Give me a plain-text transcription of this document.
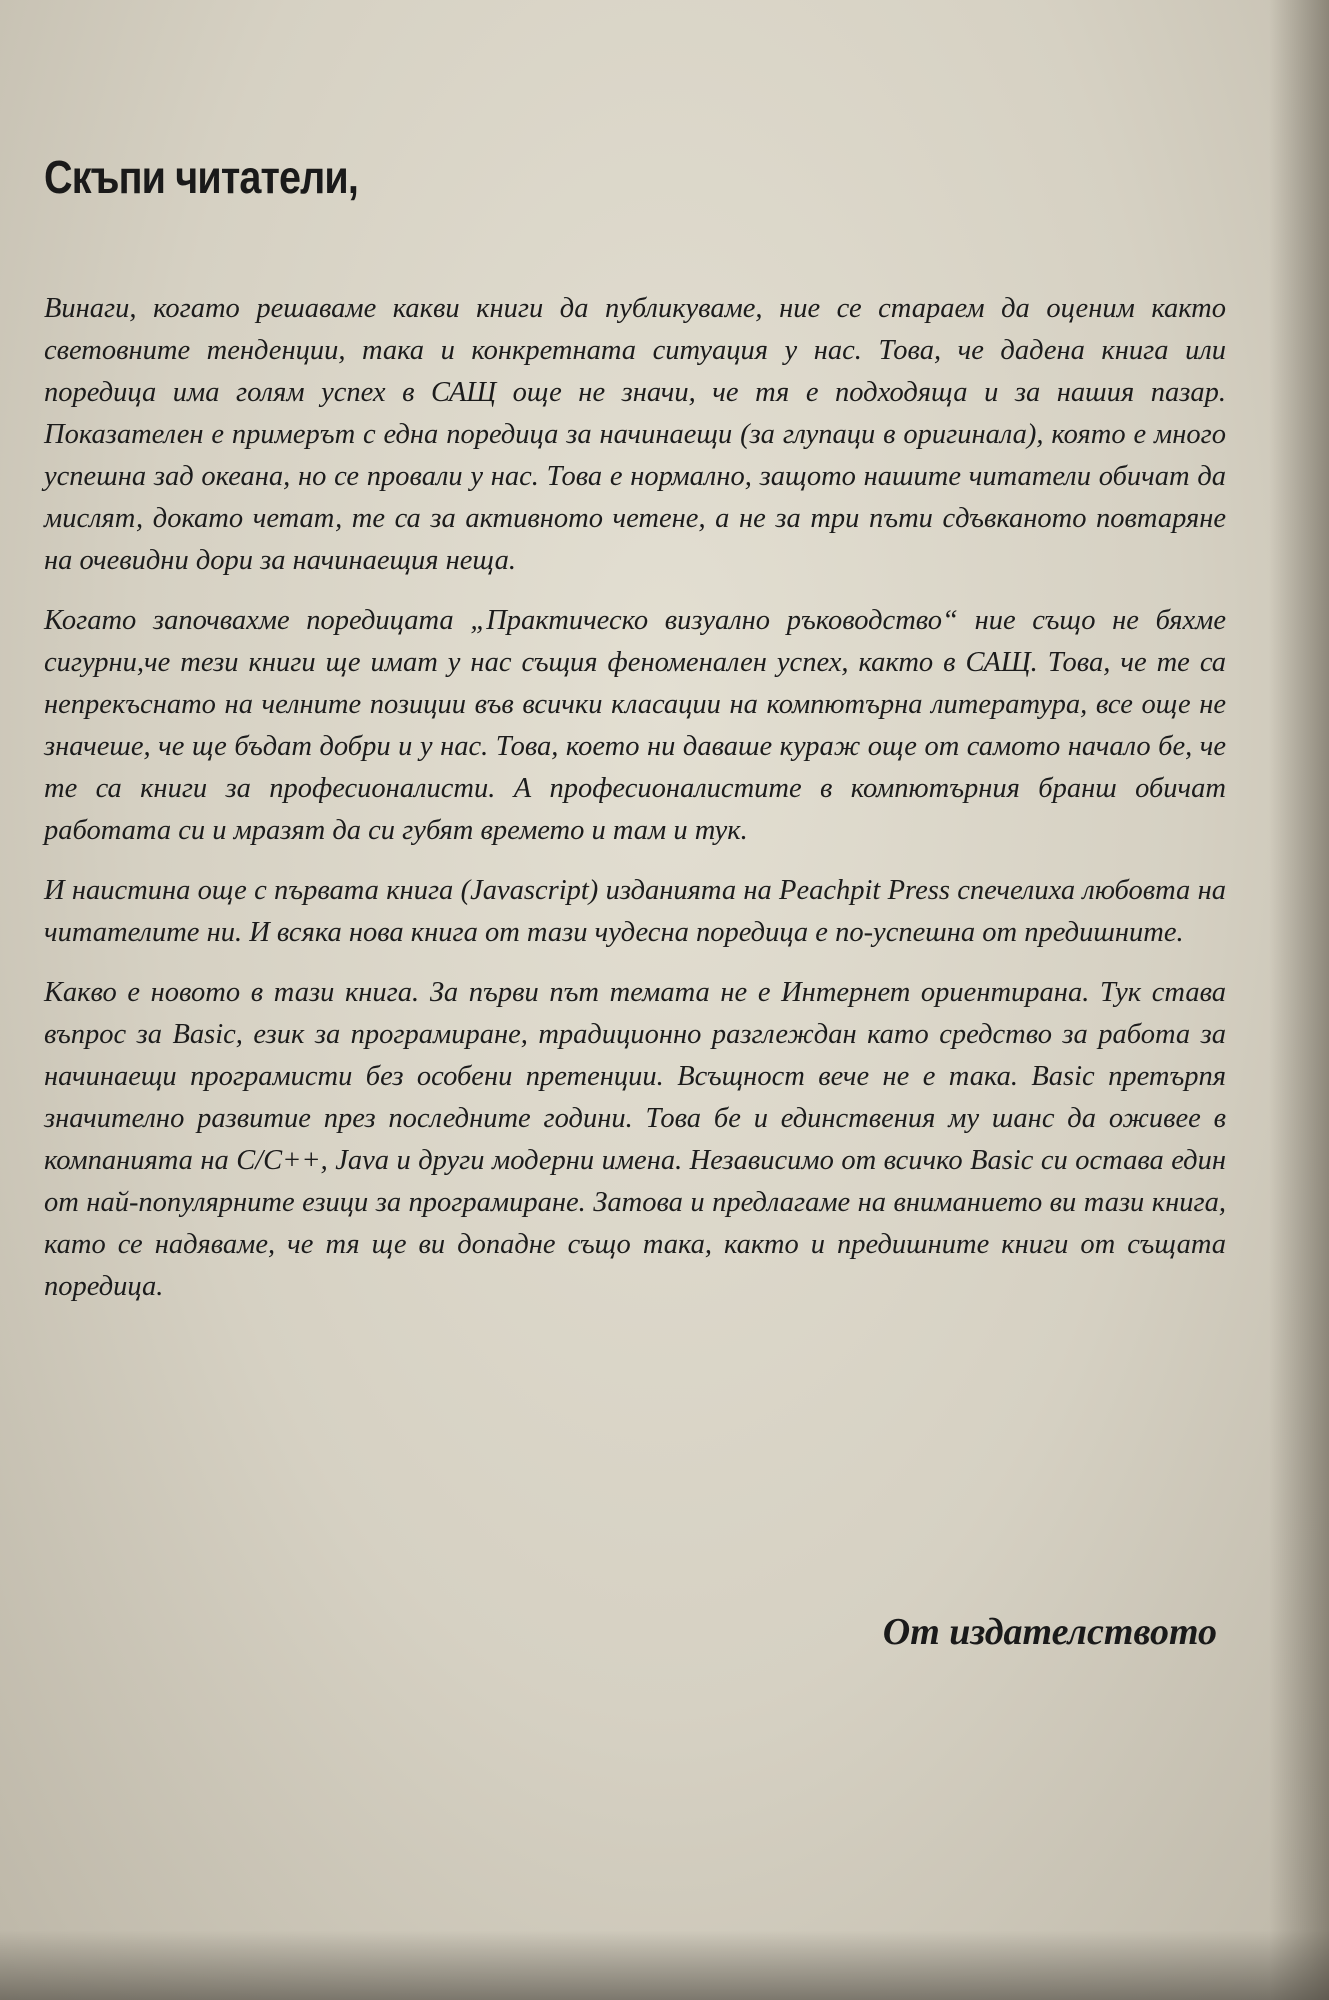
Скъпи читатели,

Винаги, когато решаваме какви книги да публикуваме, ние се стараем да оценим както световните тенденции, така и конкретната ситуация у нас. Това, че дадена книга или поредица има голям успех в САЩ още не значи, че тя е подходяща и за нашия пазар. Показателен е примерът с една поредица за начинаещи (за глупаци в оригинала), която е много успешна зад океана, но се провали у нас. Това е нормално, защото нашите читатели обичат да мислят, докато четат, те са за активното четене, а не за три пъти сдъвканото повтаряне на очевидни дори за начинаещия неща.

Когато започвахме поредицата „Практическо визуално ръководство“ ние също не бяхме сигурни,че тези книги ще имат у нас същия феноменален успех, както в САЩ. Това, че те са непрекъснато на челните позиции във всички класации на компютърна литература, все още не значеше, че ще бъдат добри и у нас. Това, което ни даваше кураж още от самото начало бе, че те са книги за професионалисти. А професионалистите в компютърния бранш обичат работата си и мразят да си губят времето и там и тук.

И наистина още с първата книга (Javascript) изданията на Peachpit Press спечелиха любовта на читателите ни. И всяка нова книга от тази чудесна поредица е по-успешна от предишните.

Какво е новото в тази книга. За първи път темата не е Интернет ориентирана. Тук става въпрос за Basic, език за програмиране, традиционно разглеждан като средство за работа за начинаещи програмисти без особени претенции. Всъщност вече не е така. Basic претърпя значително развитие през последните години. Това бе и единствения му шанс да оживее в компанията на C/C++, Java и други модерни имена. Независимо от всичко Basic си остава един от най-популярните езици за програмиране. Затова и предлагаме на вниманието ви тази книга, като се надяваме, че тя ще ви допадне също така, както и предишните книги от същата поредица.

От издателството
